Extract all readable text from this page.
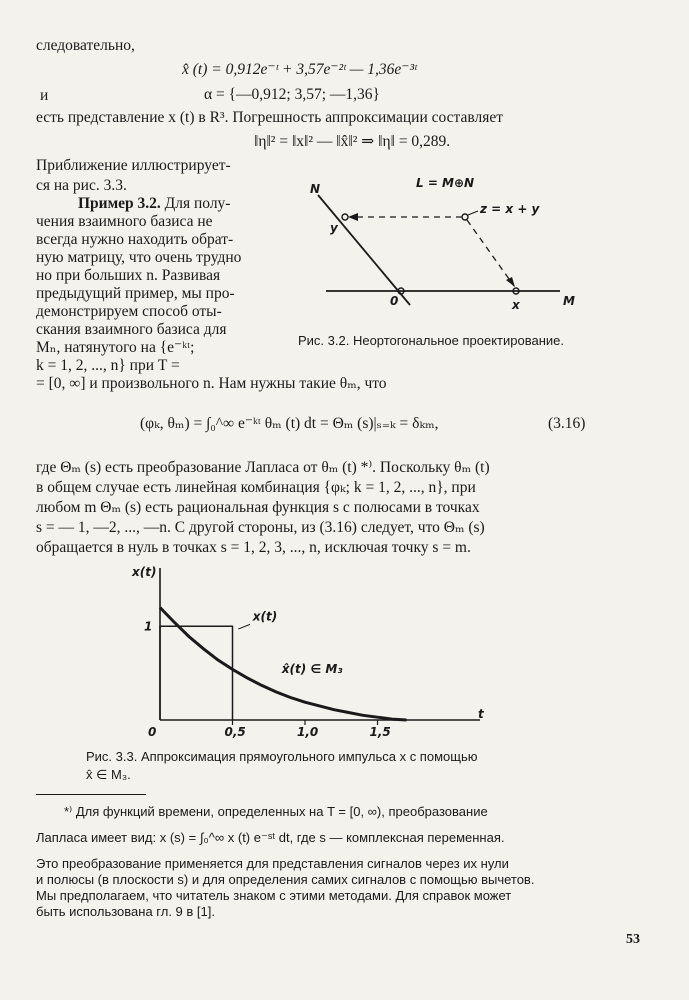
следовательно,
x̂ (t) = 0,912e⁻ᵗ + 3,57e⁻²ᵗ — 1,36e⁻³ᵗ
и	α = {—0,912; 3,57; —1,36}
есть представление x (t) в R³. Погрешность аппроксимации составляет
‖η‖² = ‖x‖² — ‖x̂‖² ⇒ ‖η‖ = 0,289.
Приближение иллюстрирует-
ся на рис. 3.3.
Пример 3.2. Для полу-
чения взаимного базиса не
всегда нужно находить обрат-
ную матрицу, что очень трудно
но при больших n. Развивая
предыдущий пример, мы про-
демонстрируем способ оты-
скания взаимного базиса для
Mₙ, натянутого на {e⁻ᵏᵗ;
k = 1, 2, ..., n} при T =
L = M⊕N
N
M
z = x + y
y
x
0
Рис. 3.2. Неортогональное проектирование.
= [0, ∞] и произвольного n. Нам нужны такие θₘ, что
(φₖ, θₘ) = ∫₀^∞ e⁻ᵏᵗ θₘ (t) dt = Θₘ (s)|ₛ₌ₖ = δₖₘ,	(3.16)
где Θₘ (s) есть преобразование Лапласа от θₘ (t) *⁾. Поскольку θₘ (t)
в общем случае есть линейная комбинация {φₖ; k = 1, 2, ..., n}, при
любом m Θₘ (s) есть рациональная функция s с полюсами в точках
s = — 1, —2, ..., —n. С другой стороны, из (3.16) следует, что Θₘ (s)
обращается в нуль в точках s = 1, 2, 3, ..., n, исключая точку s = m.
x(t)
t
0	0,5	1,0	1,5
1
x(t)
x̂(t) ∈ M₃
Рис. 3.3. Аппроксимация прямоугольного импульса x с помощью
x̂ ∈ M₃.
*⁾ Для функций времени, определенных на T = [0, ∞), преобразование
Лапласа имеет вид: x (s) = ∫₀^∞ x (t) e⁻ˢᵗ dt, где s — комплексная переменная.
Это преобразование применяется для представления сигналов через их нули
и полюсы (в плоскости s) и для определения самих сигналов с помощью вычетов.
Мы предполагаем, что читатель знаком с этими методами. Для справок может
быть использована гл. 9 в [1].
53
